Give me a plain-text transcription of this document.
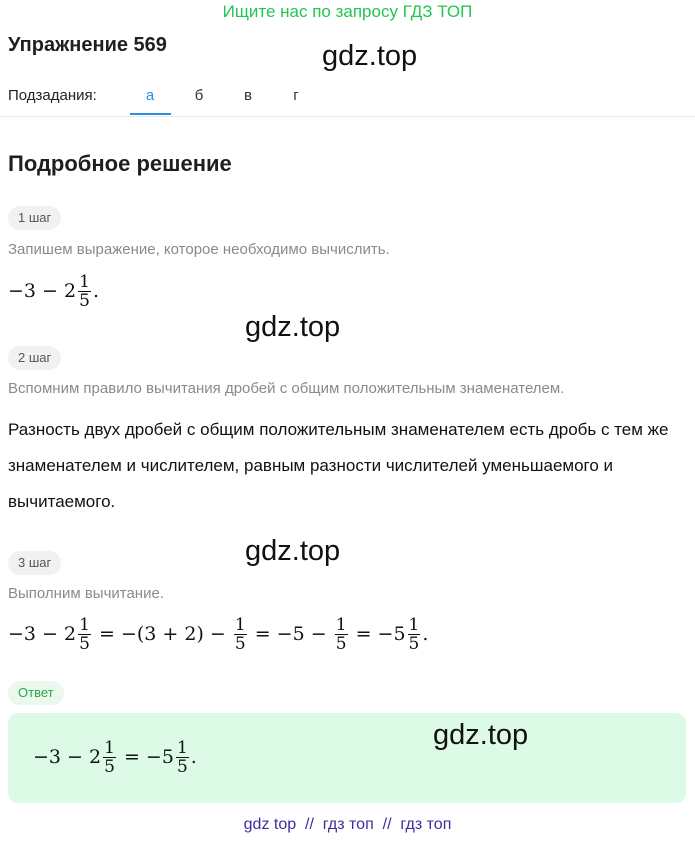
Ищите нас по запросу ГДЗ ТОП
Упражнение 569	gdz.top
Подзадания:	а	б	в	г
Подробное решение
1 шаг
Запишем выражение, которое необходимо вычислить.
$-3 - 2 \frac{1}{5}$ .
gdz.top
2 шаг
Вспомним правило вычитания дробей с общим положительным знаменателем.
Разность двух дробей с общим положительным знаменателем есть дробь с тем же знаменателем и числителем, равным разности числителей уменьшаемого и вычитаемого.
gdz.top
3 шаг
Выполним вычитание.
$-3 - 2 \frac{1}{5} = -(3 + 2) - \frac{1}{5} = -5 - \frac{1}{5} = -5 \frac{1}{5}$ .
Ответ
$-3 - 2 \frac{1}{5} = -5 \frac{1}{5}$ .
gdz.top
gdz top  //  гдз топ  //  гдз топ
